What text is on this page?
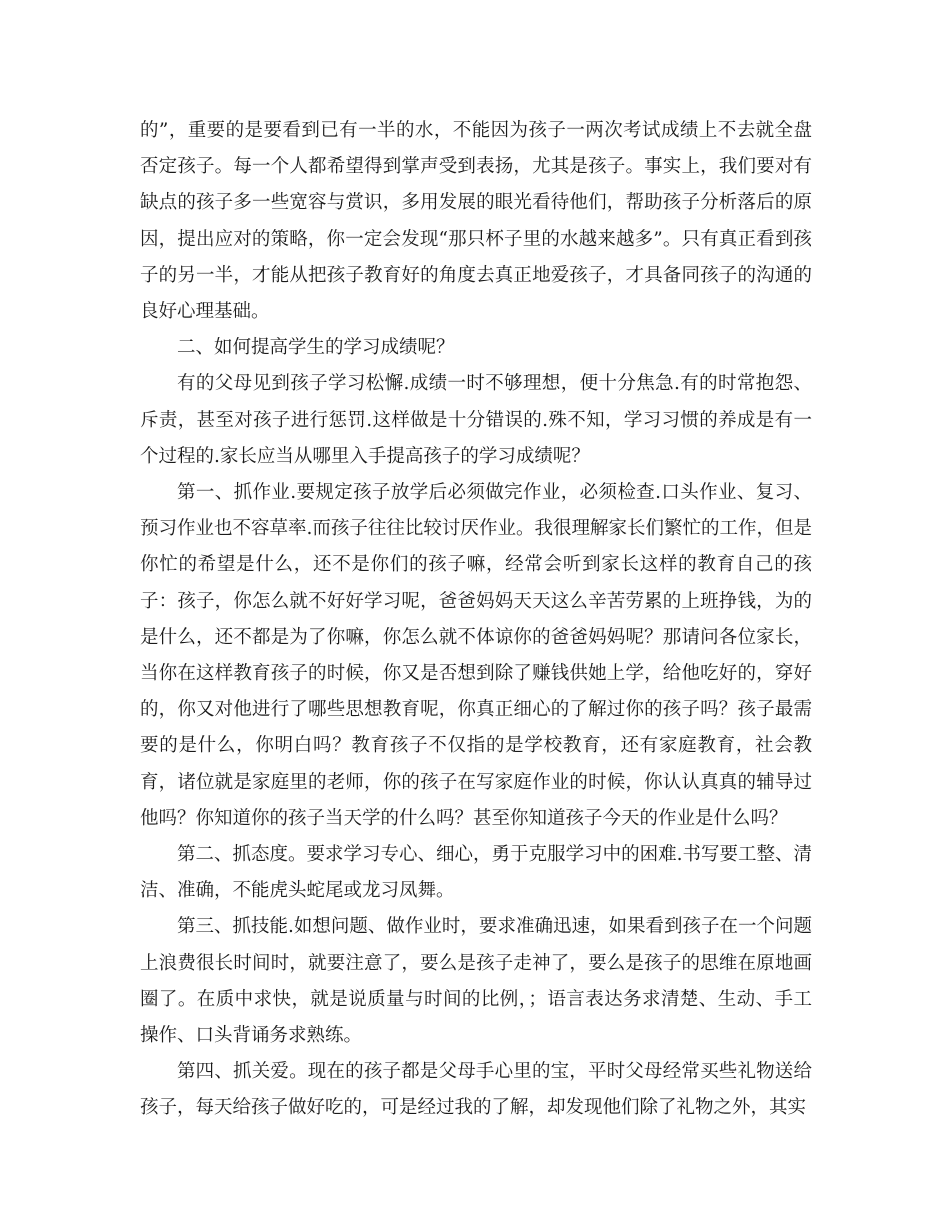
的”，重要的是要看到已有一半的水，不能因为孩子一两次考试成绩上不去就全盘否定孩子。每一个人都希望得到掌声受到表扬，尤其是孩子。事实上，我们要对有缺点的孩子多一些宽容与赏识，多用发展的眼光看待他们，帮助孩子分析落后的原因，提出应对的策略，你一定会发现“那只杯子里的水越来越多”。只有真正看到孩子的另一半，才能从把孩子教育好的角度去真正地爱孩子，才具备同孩子的沟通的良好心理基础。

二、如何提高学生的学习成绩呢？

有的父母见到孩子学习松懈.成绩一时不够理想，便十分焦急.有的时常抱怨、斥责，甚至对孩子进行惩罚.这样做是十分错误的.殊不知，学习习惯的养成是有一个过程的.家长应当从哪里入手提高孩子的学习成绩呢？

第一、抓作业.要规定孩子放学后必须做完作业，必须检查.口头作业、复习、预习作业也不容草率.而孩子往往比较讨厌作业。我很理解家长们繁忙的工作，但是你忙的希望是什么，还不是你们的孩子嘛，经常会听到家长这样的教育自己的孩子：孩子，你怎么就不好好学习呢，爸爸妈妈天天这么辛苦劳累的上班挣钱，为的是什么，还不都是为了你嘛，你怎么就不体谅你的爸爸妈妈呢？那请问各位家长，当你在这样教育孩子的时候，你又是否想到除了赚钱供她上学，给他吃好的，穿好的，你又对他进行了哪些思想教育呢，你真正细心的了解过你的孩子吗？孩子最需要的是什么，你明白吗？教育孩子不仅指的是学校教育，还有家庭教育，社会教育，诸位就是家庭里的老师，你的孩子在写家庭作业的时候，你认认真真的辅导过他吗？你知道你的孩子当天学的什么吗？甚至你知道孩子今天的作业是什么吗？

第二、抓态度。要求学习专心、细心，勇于克服学习中的困难.书写要工整、清洁、准确，不能虎头蛇尾或龙习凤舞。

第三、抓技能.如想问题、做作业时，要求准确迅速，如果看到孩子在一个问题上浪费很长时间时，就要注意了，要么是孩子走神了，要么是孩子的思维在原地画圈了。在质中求快，就是说质量与时间的比例，；语言表达务求清楚、生动、手工操作、口头背诵务求熟练。

第四、抓关爱。现在的孩子都是父母手心里的宝，平时父母经常买些礼物送给孩子，每天给孩子做好吃的，可是经过我的了解，却发现他们除了礼物之外，其实
